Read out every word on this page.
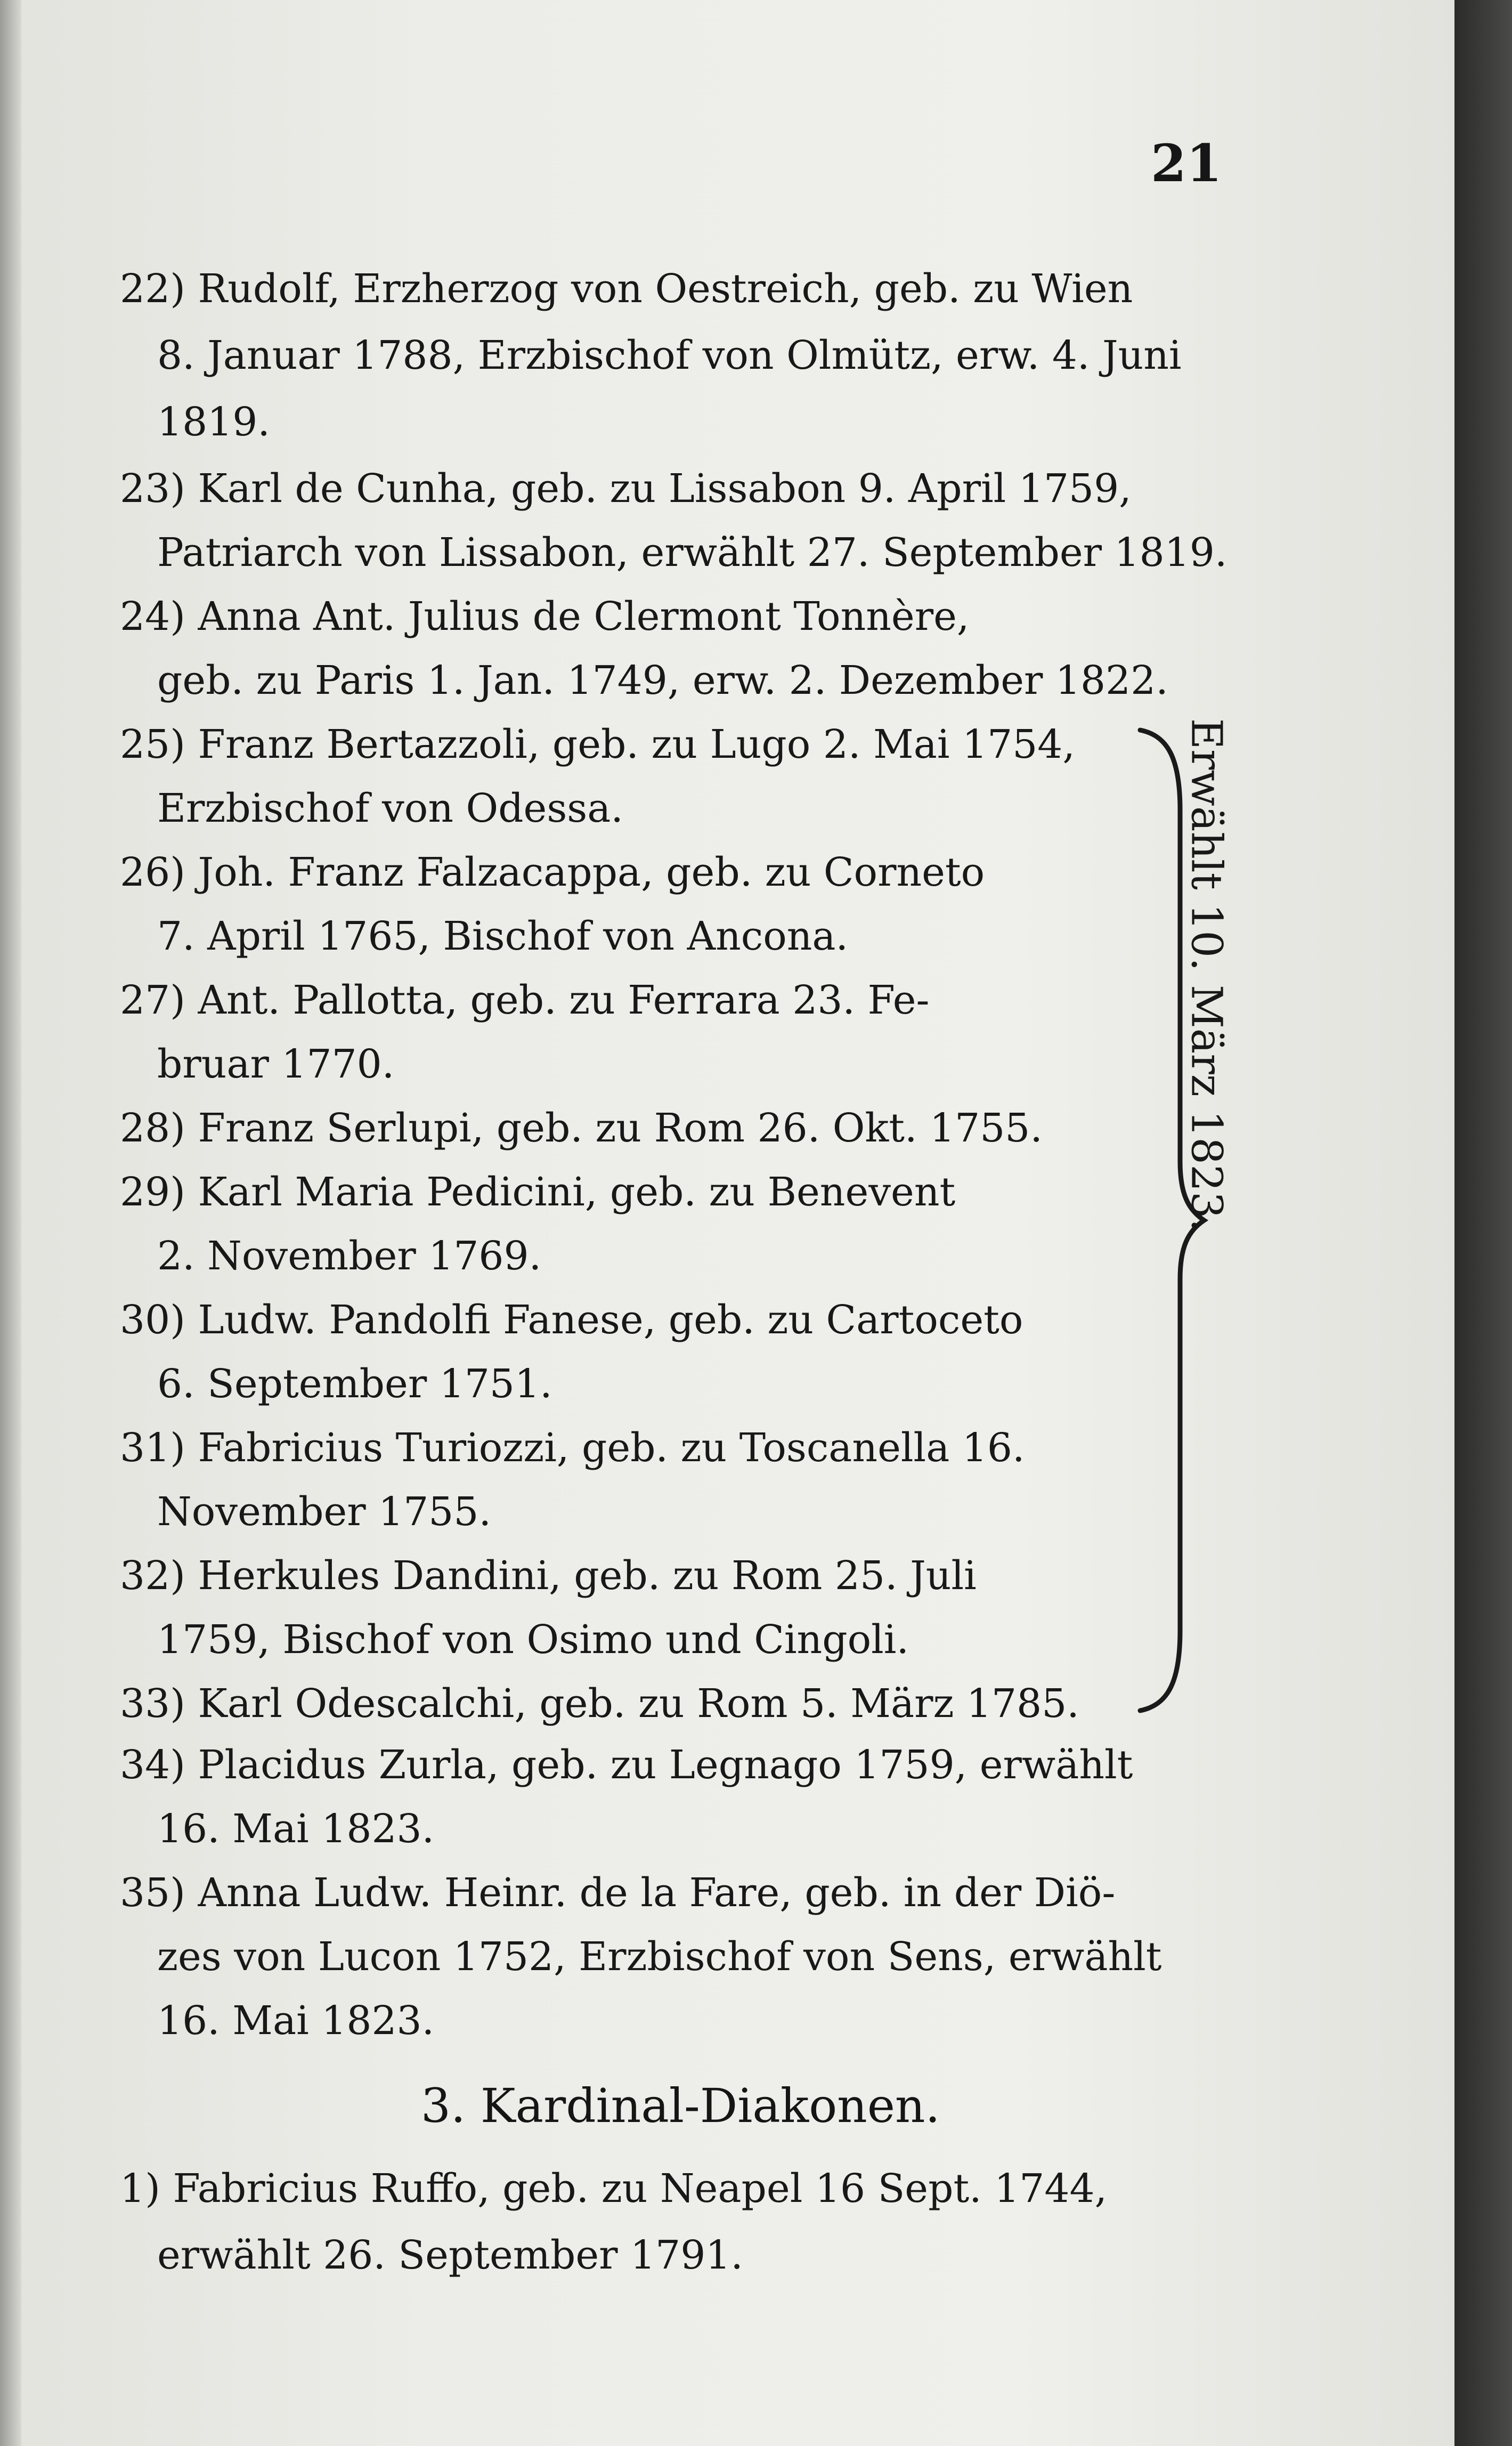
21
22) Rudolf, Erzherzog von Oestreich, geb. zu Wien
8. Januar 1788, Erzbischof von Olmütz, erw. 4. Juni
1819.
23) Karl de Cunha, geb. zu Lissabon 9. April 1759,
Patriarch von Lissabon, erwählt 27. September 1819.
24) Anna Ant. Julius de Clermont Tonnère,
geb. zu Paris 1. Jan. 1749, erw. 2. Dezember 1822.
25) Franz Bertazzoli, geb. zu Lugo 2. Mai 1754,
Erzbischof von Odessa.
26) Joh. Franz Falzacappa, geb. zu Corneto
7. April 1765, Bischof von Ancona.
27) Ant. Pallotta, geb. zu Ferrara 23. Fe-
bruar 1770.
28) Franz Serlupi, geb. zu Rom 26. Okt. 1755.
29) Karl Maria Pedicini, geb. zu Benevent
2. November 1769.
30) Ludw. Pandolfi Fanese, geb. zu Cartoceto
6. September 1751.
31) Fabricius Turiozzi, geb. zu Toscanella 16.
November 1755.
32) Herkules Dandini, geb. zu Rom 25. Juli
1759, Bischof von Osimo und Cingoli.
33) Karl Odescalchi, geb. zu Rom 5. März 1785.
34) Placidus Zurla, geb. zu Legnago 1759, erwählt
16. Mai 1823.
35) Anna Ludw. Heinr. de la Fare, geb. in der Diö-
zes von Lucon 1752, Erzbischof von Sens, erwählt
16. Mai 1823.
3. Kardinal-Diakonen.
1) Fabricius Ruffo, geb. zu Neapel 16 Sept. 1744,
erwählt 26. September 1791.
Erwählt 10. März 1823.
